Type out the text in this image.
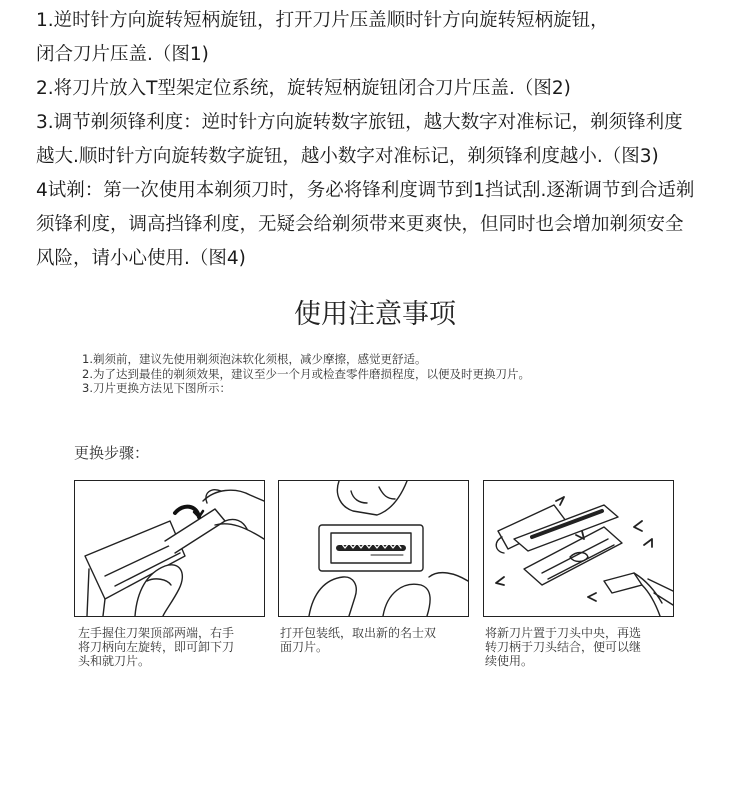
1.逆时针方向旋转短柄旋钮，打开刀片压盖顺时针方向旋转短柄旋钮，

闭合刀片压盖.（图1)

2.将刀片放入T型架定位系统，旋转短柄旋钮闭合刀片压盖.（图2)

3.调节剃须锋利度：逆时针方向旋转数字旅钮，越大数字对准标记，剃须锋利度

越大.顺时针方向旋转数字旋钮，越小数字对准标记，剃须锋利度越小.（图3)

4试剃：第一次使用本剃须刀时，务必将锋利度调节到1挡试刮.逐渐调节到合适剃

须锋利度，调高挡锋利度，无疑会给剃须带来更爽快，但同时也会增加剃须安全

风险，请小心使用.（图4)

使用注意事项
1.剃须前，建议先使用剃须泡沫软化须根，减少摩擦，感觉更舒适。
2.为了达到最佳的剃须效果，建议至少一个月或检查零件磨损程度，以便及时更换刀片。
3.刀片更换方法见下图所示：
更换步骤：
左手握住刀架顶部两端，右手
将刀柄向左旋转，即可卸下刀
头和就刀片。
打开包装纸，取出新的名士双
面刀片。
将新刀片置于刀头中央，再选
转刀柄于刀头结合，便可以继
续使用。
